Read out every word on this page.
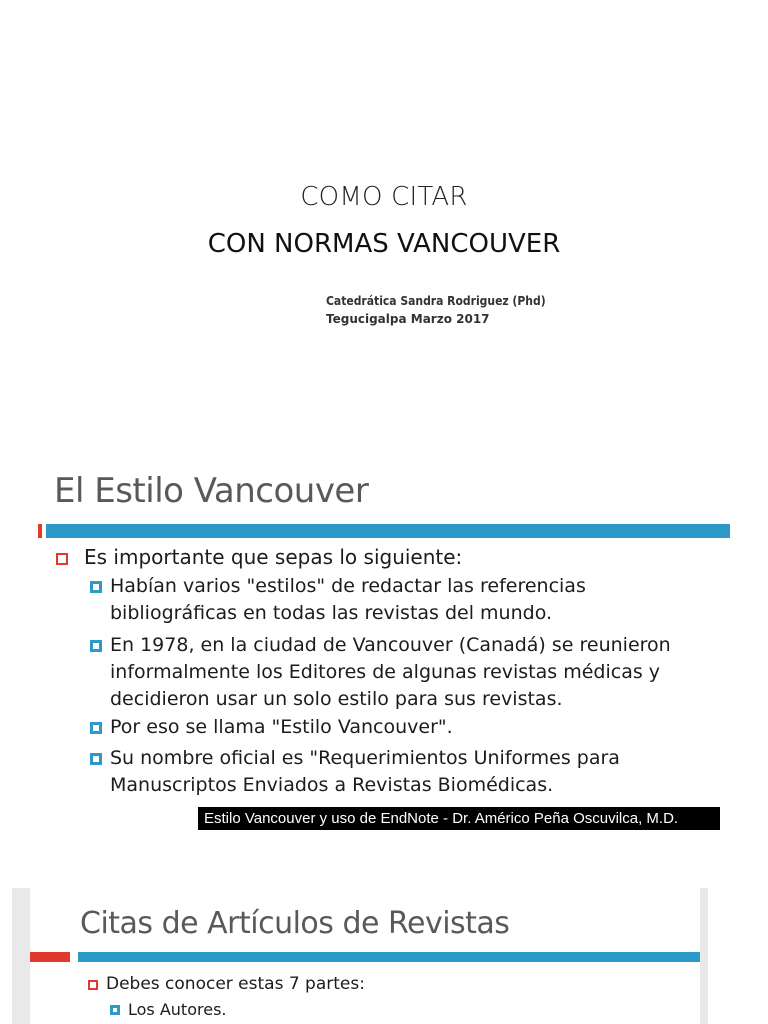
COMO CITAR
CON NORMAS VANCOUVER
Catedrática Sandra Rodriguez (Phd)
Tegucigalpa Marzo 2017
El Estilo Vancouver
Es importante que sepas lo siguiente:
Habían varios "estilos" de redactar las referencias
bibliográficas en todas las revistas del mundo.
En 1978, en la ciudad de Vancouver (Canadá) se reunieron
informalmente los Editores de algunas revistas médicas y
decidieron usar un solo estilo para sus revistas.
Por eso se llama "Estilo Vancouver".
Su nombre oficial es "Requerimientos Uniformes para
Manuscriptos Enviados a Revistas Biomédicas.
Estilo Vancouver y uso de EndNote - Dr. Américo Peña Oscuvilca, M.D.
Citas de Artículos de Revistas
Debes conocer estas 7 partes:
Los Autores.
